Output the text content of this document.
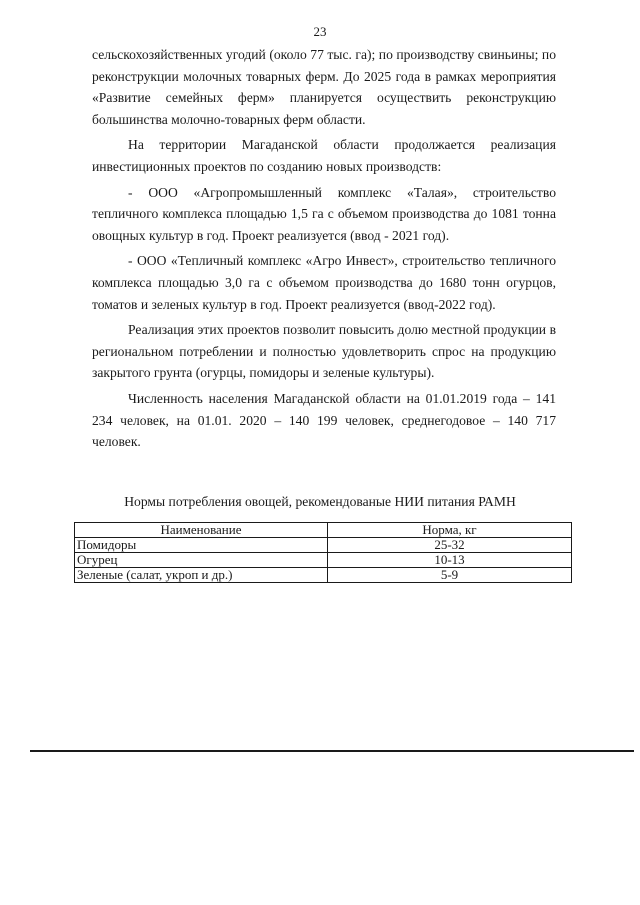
23

сельскохозяйственных угодий (около 77 тыс. га); по производству свиньины; по реконструкции молочных товарных ферм. До 2025 года в рамках мероприятия «Развитие семейных ферм» планируется осуществить реконструкцию большинства молочно-товарных ферм области.

На территории Магаданской области продолжается реализация инвестиционных проектов по созданию новых производств:

- ООО «Агропромышленный комплекс «Талая», строительство тепличного комплекса площадью 1,5 га с объемом производства до 1081 тонна овощных культур в год. Проект реализуется (ввод - 2021 год).

- ООО «Тепличный комплекс «Агро Инвест», строительство тепличного комплекса площадью 3,0 га с объемом производства до 1680 тонн огурцов, томатов и зеленых культур в год. Проект реализуется (ввод-2022 год).

Реализация этих проектов позволит повысить долю местной продукции в региональном потреблении и полностью удовлетворить спрос на продукцию закрытого грунта (огурцы, помидоры и зеленые культуры).

Численность населения Магаданской области на 01.01.2019 года – 141 234 человек, на 01.01. 2020 – 140 199 человек, среднегодовое – 140 717 человек.

Нормы потребления овощей, рекомендованые НИИ питания РАМН
Наименование	Норма, кг
Помидоры	25-32
Огурец	10-13
Зеленые (салат, укроп и др.)	5-9
